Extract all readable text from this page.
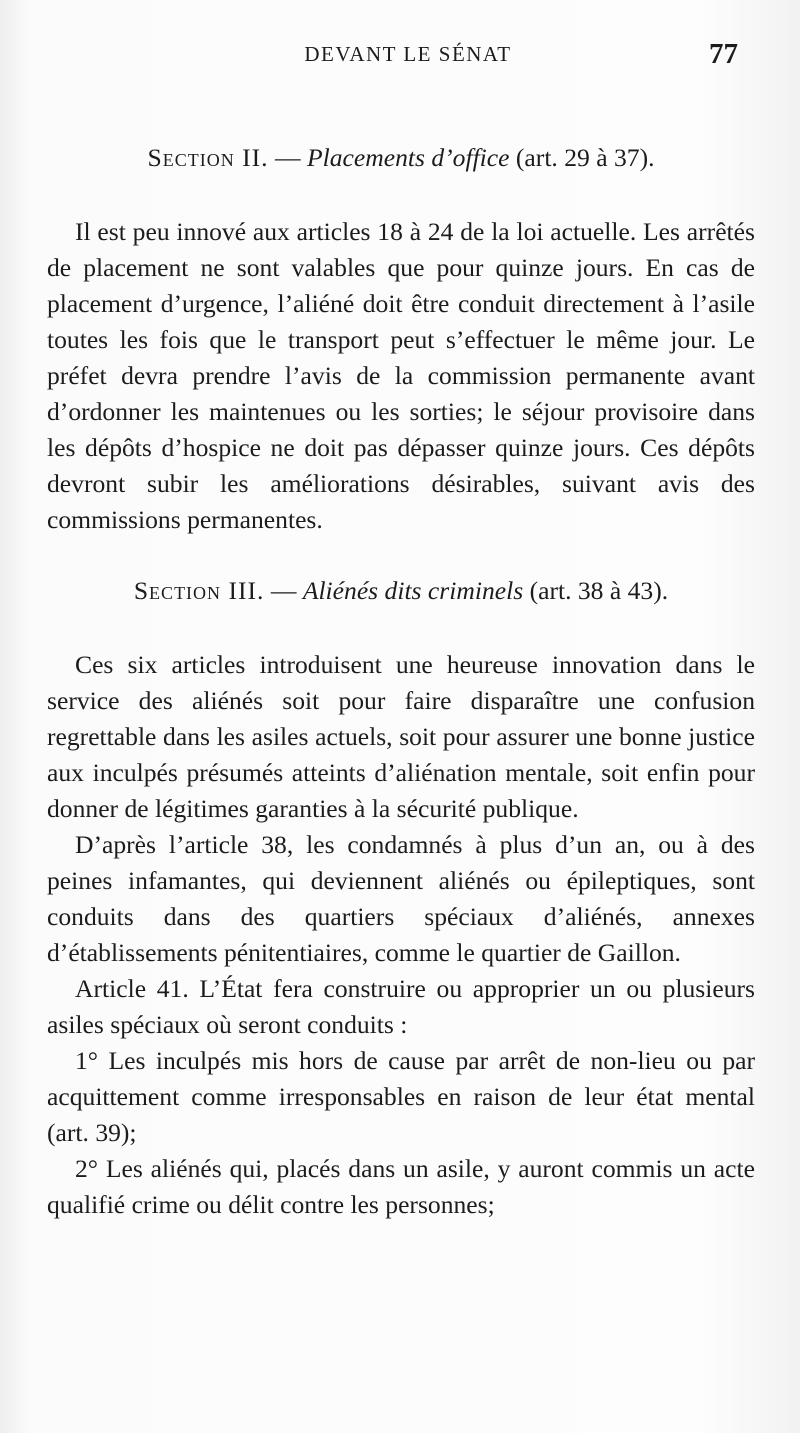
DEVANT LE SÉNAT	77
Section II. — Placements d’office (art. 29 à 37).

Il est peu innové aux articles 18 à 24 de la loi actuelle. Les arrêtés de placement ne sont valables que pour quinze jours. En cas de placement d’urgence, l’aliéné doit être conduit directement à l’asile toutes les fois que le transport peut s’effectuer le même jour. Le préfet devra prendre l’avis de la commission permanente avant d’ordonner les maintenues ou les sorties; le séjour provisoire dans les dépôts d’hospice ne doit pas dépasser quinze jours. Ces dépôts devront subir les améliorations désirables, suivant avis des commissions permanentes.

Section III. — Aliénés dits criminels (art. 38 à 43).

Ces six articles introduisent une heureuse innovation dans le service des aliénés soit pour faire disparaître une confusion regrettable dans les asiles actuels, soit pour assurer une bonne justice aux inculpés présumés atteints d’aliénation mentale, soit enfin pour donner de légitimes garanties à la sécurité publique.

D’après l’article 38, les condamnés à plus d’un an, ou à des peines infamantes, qui deviennent aliénés ou épileptiques, sont conduits dans des quartiers spéciaux d’aliénés, annexes d’établissements pénitentiaires, comme le quartier de Gaillon.

Article 41. L’État fera construire ou approprier un ou plusieurs asiles spéciaux où seront conduits :

1° Les inculpés mis hors de cause par arrêt de non-lieu ou par acquittement comme irresponsables en raison de leur état mental (art. 39);

2° Les aliénés qui, placés dans un asile, y auront commis un acte qualifié crime ou délit contre les personnes;
